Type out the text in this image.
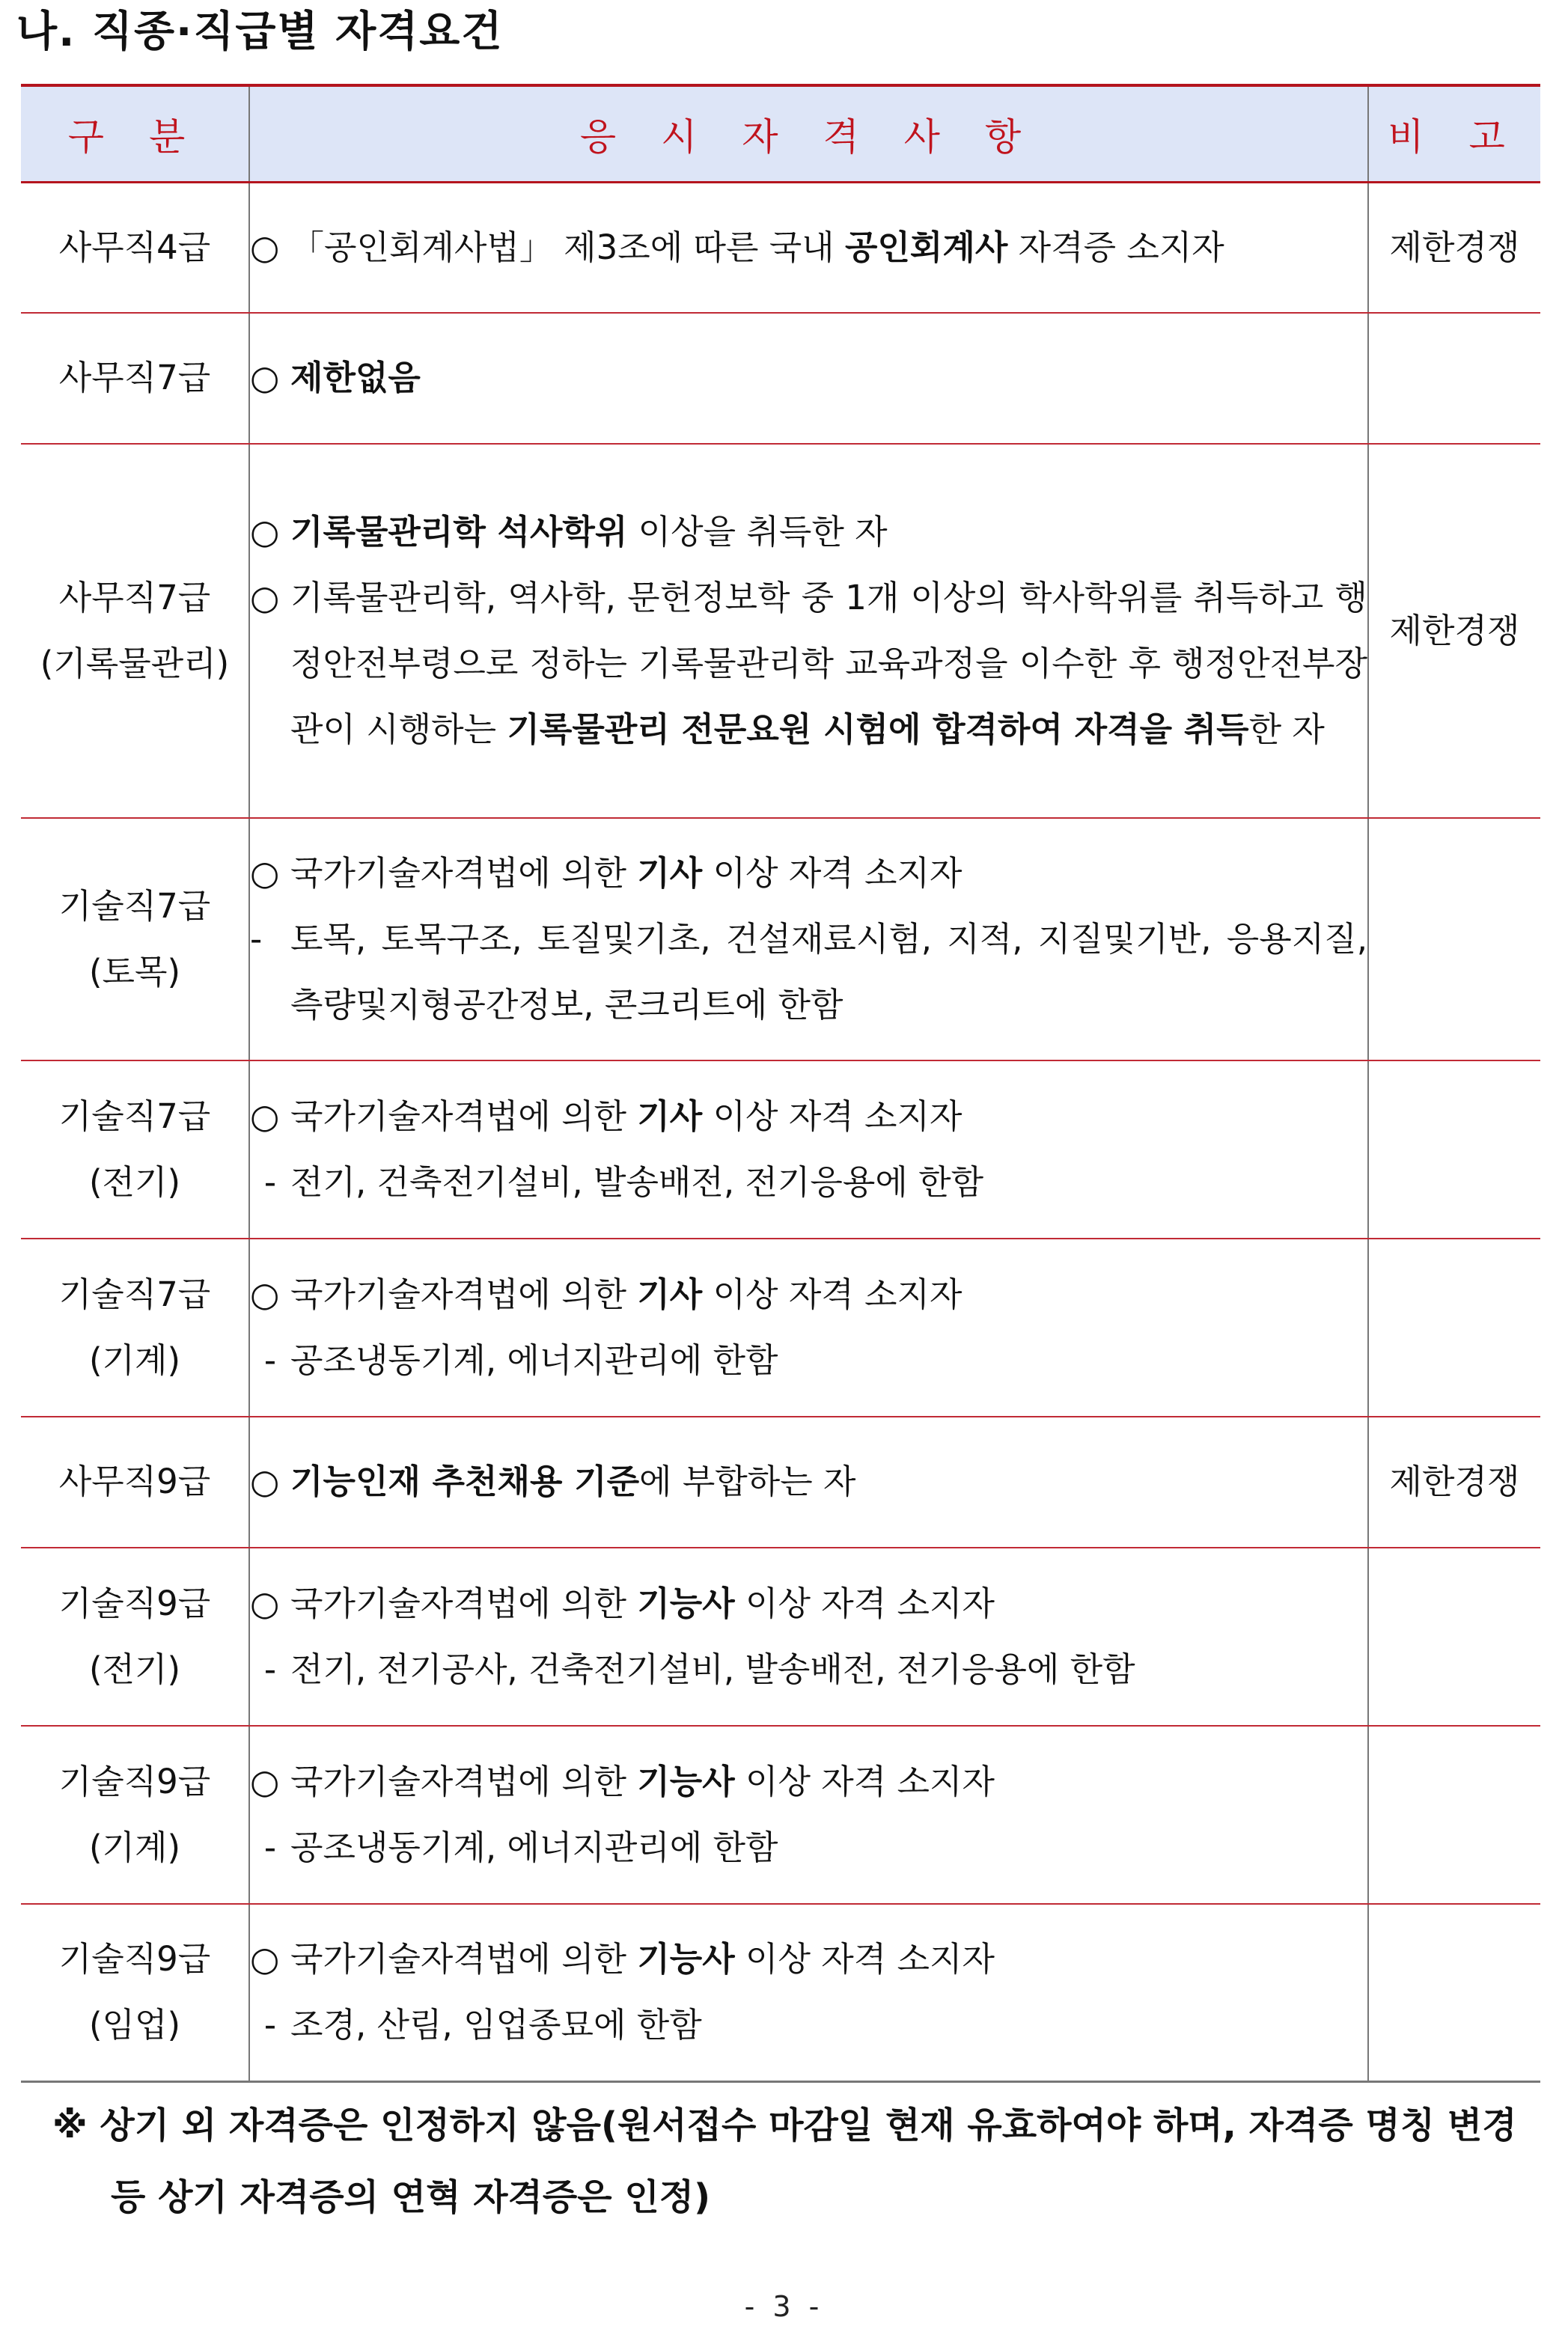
나. 직종·직급별 자격요건
구 분	응 시 자 격 사 항	비 고

사무직4급	○ 「공인회계사법」 제3조에 따른 국내 공인회계사 자격증 소지자	제한경쟁

사무직7급	○ 제한없음	

사무직7급
(기록물관리)	○ 기록물관리학 석사학위 이상을 취득한 자
○ 기록물관리학, 역사학, 문헌정보학 중 1개 이상의 학사학위를 취득하고 행정안전부령으로 정하는 기록물관리학 교육과정을 이수한 후 행정안전부장관이 시행하는 기록물관리 전문요원 시험에 합격하여 자격을 취득한 자	제한경쟁

기술직7급
(토목)	○ 국가기술자격법에 의한 기사 이상 자격 소지자
- 토목, 토목구조, 토질및기초, 건설재료시험, 지적, 지질및기반, 응용지질, 측량및지형공간정보, 콘크리트에 한함	

기술직7급
(전기)	○ 국가기술자격법에 의한 기사 이상 자격 소지자
- 전기, 건축전기설비, 발송배전, 전기응용에 한함	

기술직7급
(기계)	○ 국가기술자격법에 의한 기사 이상 자격 소지자
- 공조냉동기계, 에너지관리에 한함	

사무직9급	○ 기능인재 추천채용 기준에 부합하는 자	제한경쟁

기술직9급
(전기)	○ 국가기술자격법에 의한 기능사 이상 자격 소지자
- 전기, 전기공사, 건축전기설비, 발송배전, 전기응용에 한함	

기술직9급
(기계)	○ 국가기술자격법에 의한 기능사 이상 자격 소지자
- 공조냉동기계, 에너지관리에 한함	

기술직9급
(임업)	○ 국가기술자격법에 의한 기능사 이상 자격 소지자
- 조경, 산림, 임업종묘에 한함	

※ 상기 외 자격증은 인정하지 않음(원서접수 마감일 현재 유효하여야 하며, 자격증 명칭 변경
등 상기 자격증의 연혁 자격증은 인정)
- 3 -
